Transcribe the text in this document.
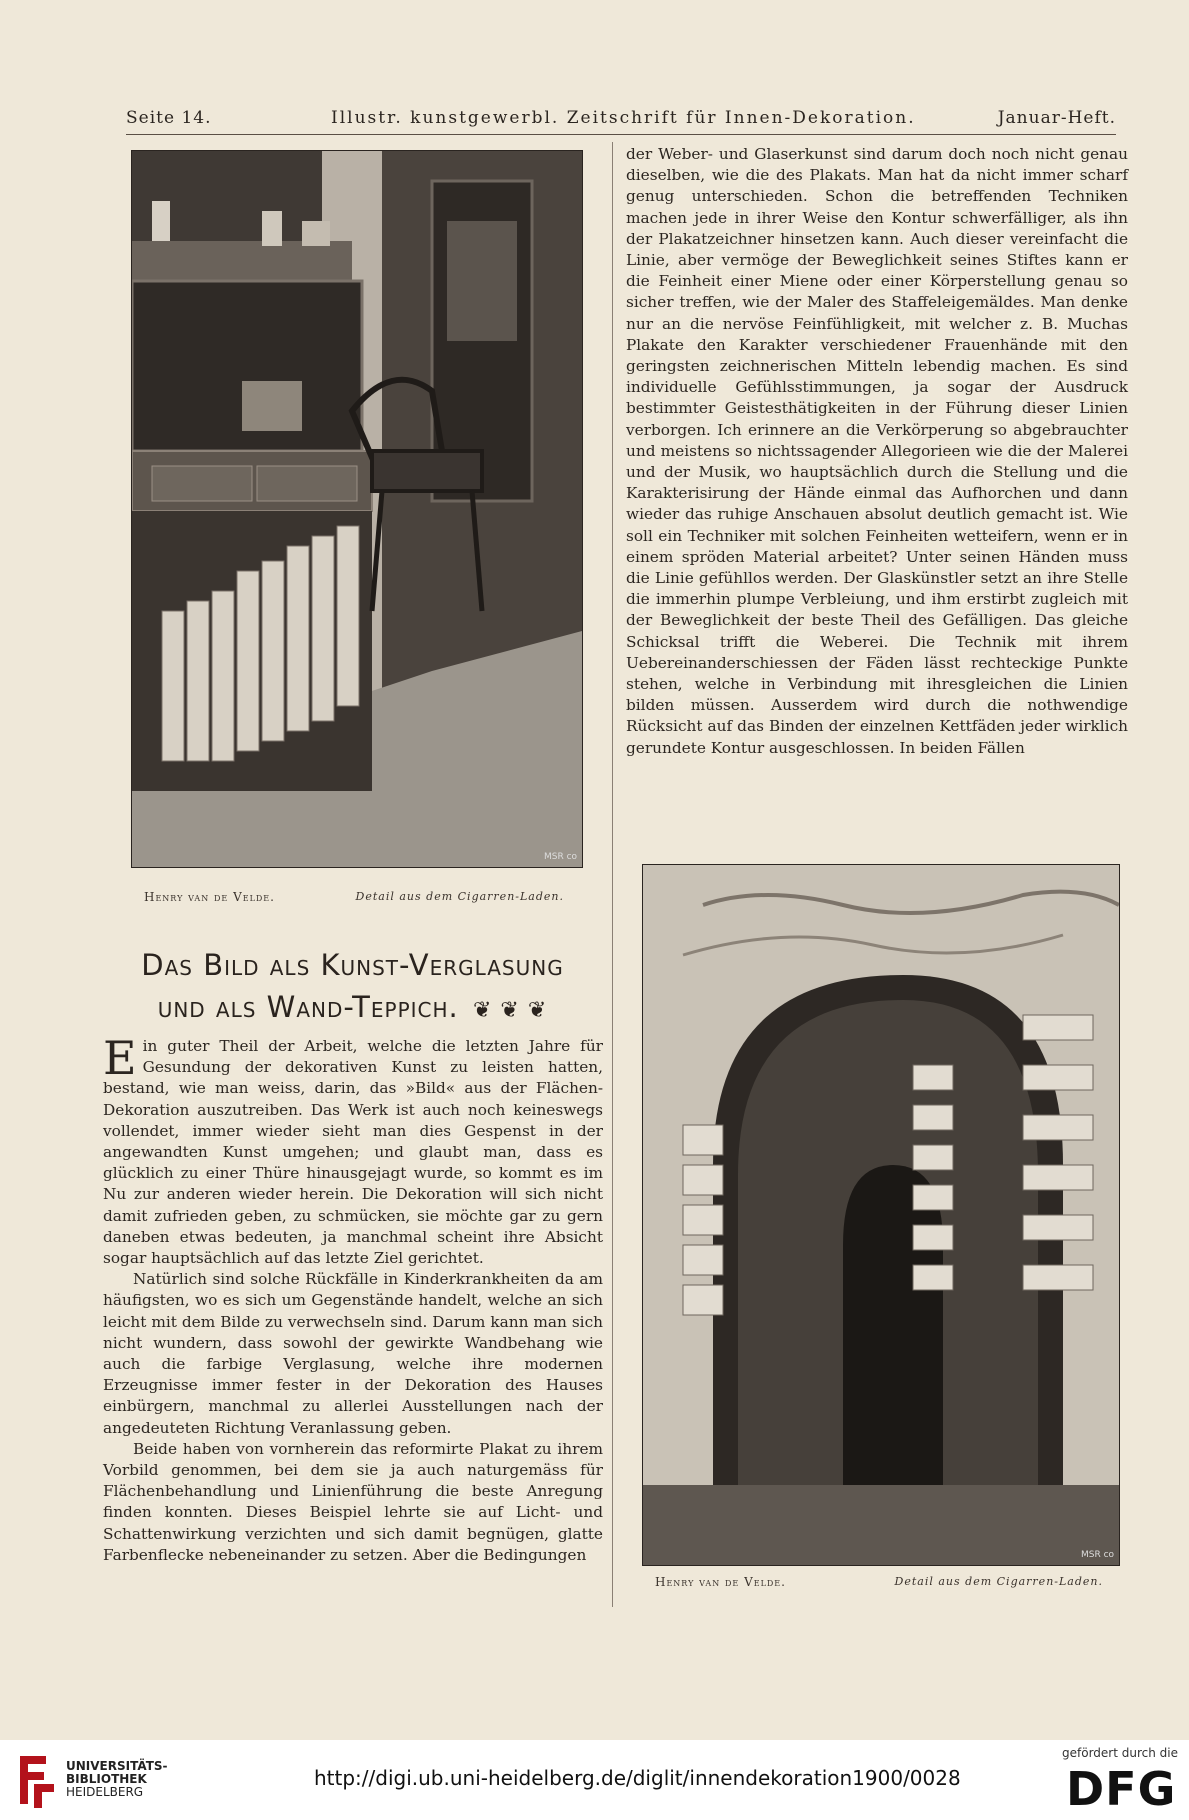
Seite 14.	Illustr. kunstgewerbl. Zeitschrift für Innen-Dekoration.	Januar-Heft.
MSR co
Henry van de Velde.	Detail aus dem Cigarren-Laden.

der Weber- und Glaserkunst sind darum doch noch nicht genau dieselben, wie die des Plakats. Man hat da nicht immer scharf genug unterschieden. Schon die betreffenden Techniken machen jede in ihrer Weise den Kontur schwerfälliger, als ihn der Plakatzeichner hinsetzen kann. Auch dieser vereinfacht die Linie, aber vermöge der Beweglichkeit seines Stiftes kann er die Feinheit einer Miene oder einer Körperstellung genau so sicher treffen, wie der Maler des Staffeleigemäldes. Man denke nur an die nervöse Feinfühligkeit, mit welcher z. B. Muchas Plakate den Karakter verschiedener Frauenhände mit den geringsten zeichnerischen Mitteln lebendig machen. Es sind individuelle Gefühlsstimmungen, ja sogar der Ausdruck bestimmter Geistesthätigkeiten in der Führung dieser Linien verborgen. Ich erinnere an die Verkörperung so abgebrauchter und meistens so nichtssagender Allegorieen wie die der Malerei und der Musik, wo hauptsächlich durch die Stellung und die Karakterisirung der Hände einmal das Aufhorchen und dann wieder das ruhige Anschauen absolut deutlich gemacht ist. Wie soll ein Techniker mit solchen Feinheiten wetteifern, wenn er in einem spröden Material arbeitet? Unter seinen Händen muss die Linie gefühllos werden. Der Glaskünstler setzt an ihre Stelle die immerhin plumpe Verbleiung, und ihm erstirbt zugleich mit der Beweglichkeit der beste Theil des Gefälligen. Das gleiche Schicksal trifft die Weberei. Die Technik mit ihrem Uebereinanderschiessen der Fäden lässt rechteckige Punkte stehen, welche in Verbindung mit ihresgleichen die Linien bilden müssen. Ausserdem wird durch die nothwendige Rücksicht auf das Binden der einzelnen Kettfäden jeder wirklich gerundete Kontur ausgeschlossen. In beiden Fällen

MSR co
Henry van de Velde.	Detail aus dem Cigarren-Laden.
Das Bild als Kunst-Verglasung
und als Wand-Teppich. ❦ ❦ ❦

Ein guter Theil der Arbeit, welche die letzten Jahre für Gesundung der dekorativen Kunst zu leisten hatten, bestand, wie man weiss, darin, das »Bild« aus der Flächen-Dekoration auszutreiben. Das Werk ist auch noch keineswegs vollendet, immer wieder sieht man dies Gespenst in der angewandten Kunst umgehen; und glaubt man, dass es glücklich zu einer Thüre hinausgejagt wurde, so kommt es im Nu zur anderen wieder herein. Die Dekoration will sich nicht damit zufrieden geben, zu schmücken, sie möchte gar zu gern daneben etwas bedeuten, ja manchmal scheint ihre Absicht sogar hauptsächlich auf das letzte Ziel gerichtet.

Natürlich sind solche Rückfälle in Kinderkrankheiten da am häufigsten, wo es sich um Gegenstände handelt, welche an sich leicht mit dem Bilde zu verwechseln sind. Darum kann man sich nicht wundern, dass sowohl der gewirkte Wandbehang wie auch die farbige Verglasung, welche ihre modernen Erzeugnisse immer fester in der Dekoration des Hauses einbürgern, manchmal zu allerlei Ausstellungen nach der angedeuteten Richtung Veranlassung geben.

Beide haben von vornherein das reformirte Plakat zu ihrem Vorbild genommen, bei dem sie ja auch naturgemäss für Flächenbehandlung und Linienführung die beste Anregung finden konnten. Dieses Beispiel lehrte sie auf Licht- und Schattenwirkung verzichten und sich damit begnügen, glatte Farbenflecke nebeneinander zu setzen. Aber die Bedingungen

UNIVERSITÄTS-
BIBLIOTHEK
HEIDELBERG
http://digi.ub.uni-heidelberg.de/diglit/innendekoration1900/0028
gefördert durch die
DFG
